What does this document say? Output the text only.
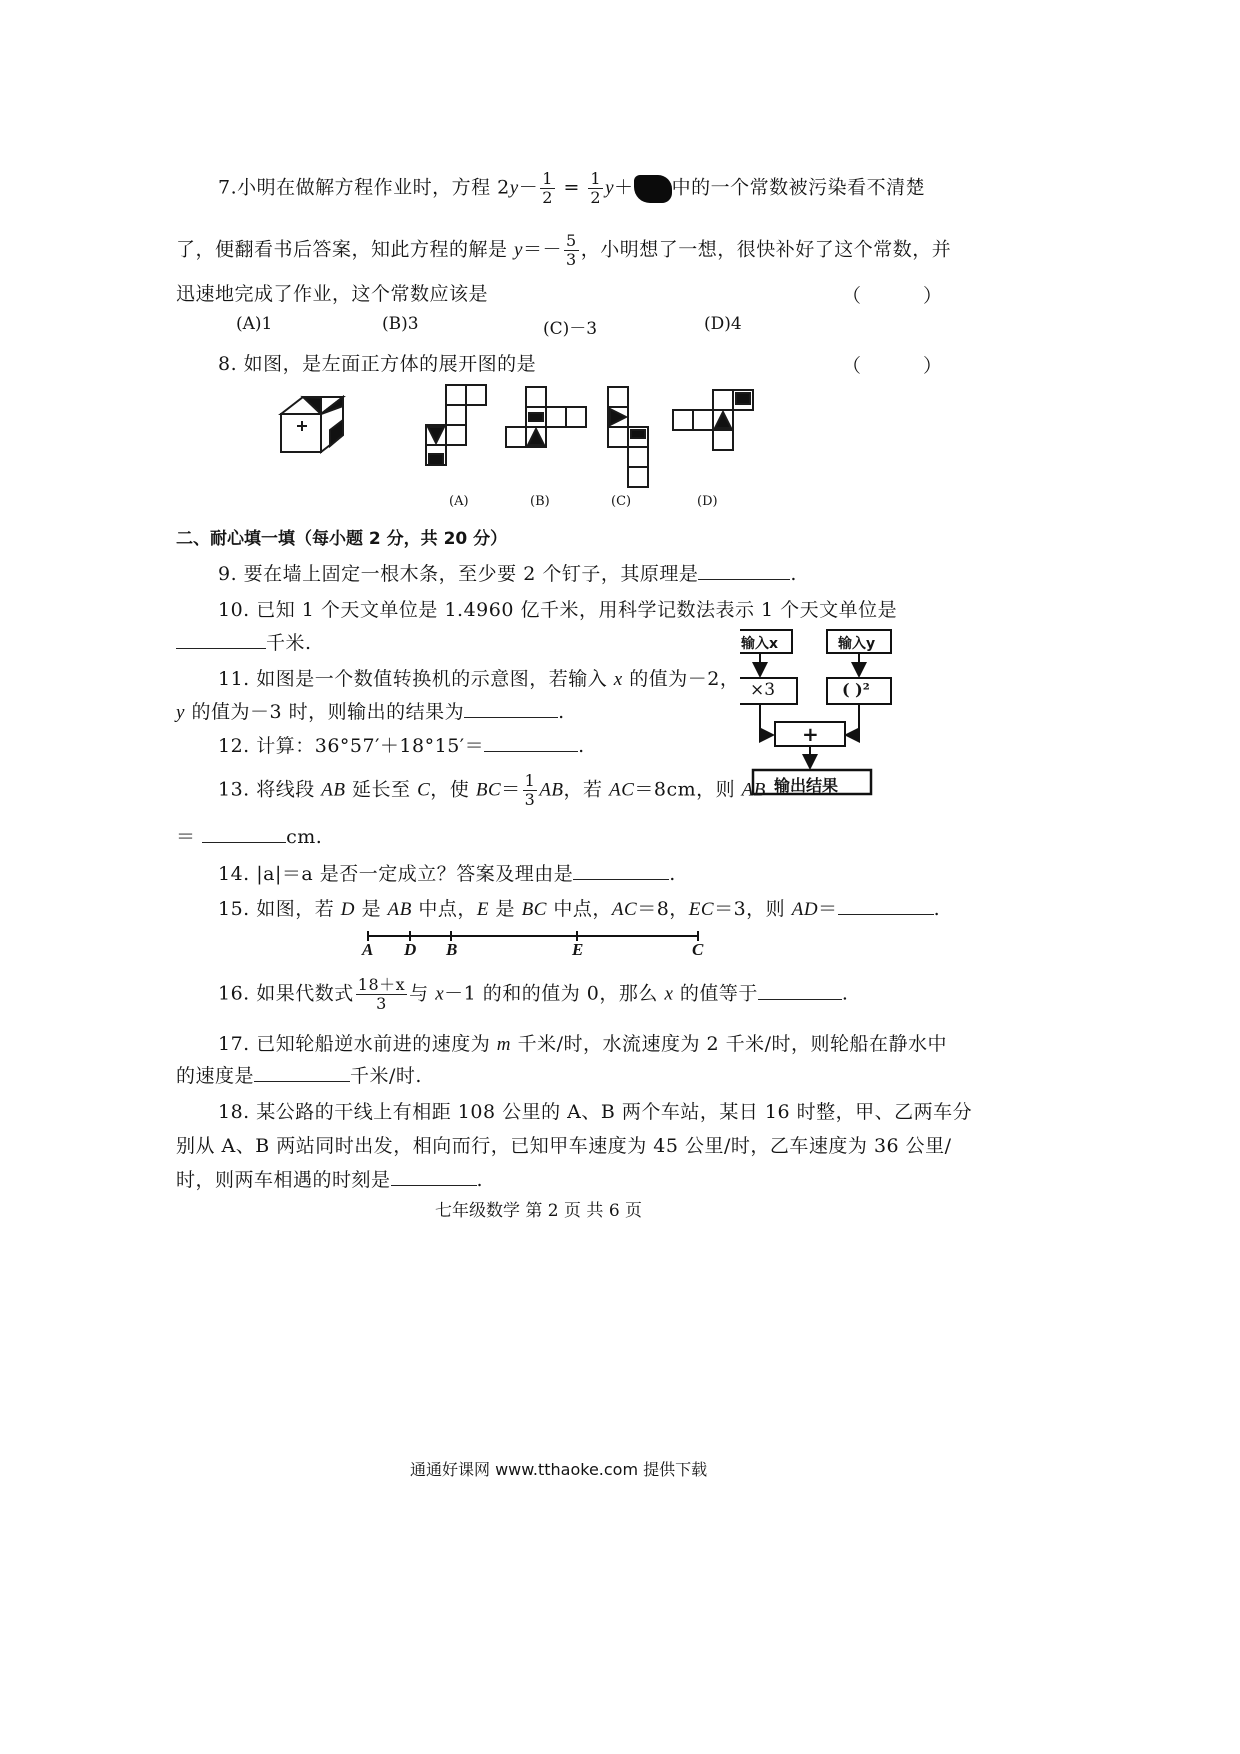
7.小明在做解方程作业时，方程 $2y- \frac{1}{2} = \frac{1}{2} y+$ 中的一个常数被污染看不清楚
了，便翻看书后答案，知此方程的解是 $y=- \frac{5}{3}$ ，小明想了一想，很快补好了这个常数，并
迅速地完成了作业，这个常数应该是	（ ）
(A)1	(B)3	(C)－3	(D)4
8. 如图，是左面正方体的展开图的是	（ ）
(A)	(B)	(C)	(D)
二、耐心填一填（每小题 2 分，共 20 分）
9. 要在墙上固定一根木条，至少要 2 个钉子，其原理是	.
10. 已知 1 个天文单位是 1.4960 亿千米，用科学记数法表示 1 个天文单位是
千米.	输入x	输入y
×3	( )²
+
输出结果
11. 如图是一个数值转换机的示意图，若输入 x 的值为－2，
y 的值为－3 时，则输出的结果为	.
12. 计算：36°57′＋18°15′＝	.
13. 将线段 AB 延长至 C，使 $BC= \frac{1}{3}$ AB，若 AC＝8cm，则 AB
＝	cm.
14. |a|＝a 是否一定成立？答案及理由是	.
15. 如图，若 D 是 AB 中点，E 是 BC 中点，AC＝8，EC＝3，则 AD＝	.
A D B	E	C
16. 如果代数式 $\frac{18+x}{3}$ 与 x－1 的和的值为 0，那么 x 的值等于	.
17. 已知轮船逆水前进的速度为 m 千米/时，水流速度为 2 千米/时，则轮船在静水中
的速度是	千米/时.
18. 某公路的干线上有相距 108 公里的 A、B 两个车站，某日 16 时整，甲、乙两车分
别从 A、B 两站同时出发，相向而行，已知甲车速度为 45 公里/时，乙车速度为 36 公里/
时，则两车相遇的时刻是	.
七年级数学 第 2 页 共 6 页
通通好课网 www.tthaoke.com 提供下载
